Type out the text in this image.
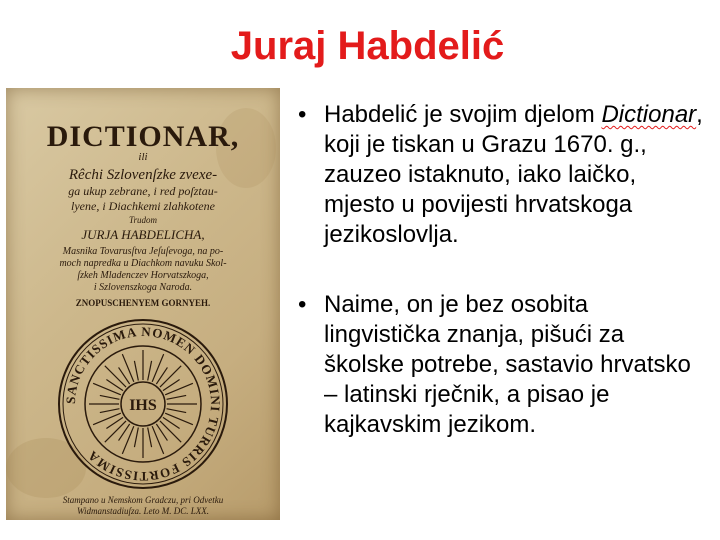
Juraj Habdelić
DICTIONAR,
ili
Rêchi Szlovenſzke zvexe-
ga ukup zebrane, i red poſztau-
lyene, i Diachkemi zlahkotene
Trudom
JURJA HABDELICHA,
Masnika Tovarusſtva Jeſuſevoga, na po-
moch napredka u Diachkom navuku Skol-
ſzkeh Mladenczev Horvatszkoga,
i Szlovenszkoga Naroda.
ZNOPUSCHENYEM GORNYEH.
SANCTISSIMA NOMEN DOMINI TURRIS FORTISSIMA
IHS
Stampano u Nemskom Gradczu, pri Odvetku
Widmanstadiuſza. Leto M. DC. LXX.
• Habdelić je svojim djelom Dictionar, koji je tiskan u Grazu 1670. g., zauzeo istaknuto, iako laičko, mjesto u povijesti hrvatskoga jezikoslovlja.
• Naime, on je bez osobita lingvistička znanja, pišući za školske potrebe, sastavio hrvatsko – latinski rječnik, a pisao je kajkavskim jezikom.
